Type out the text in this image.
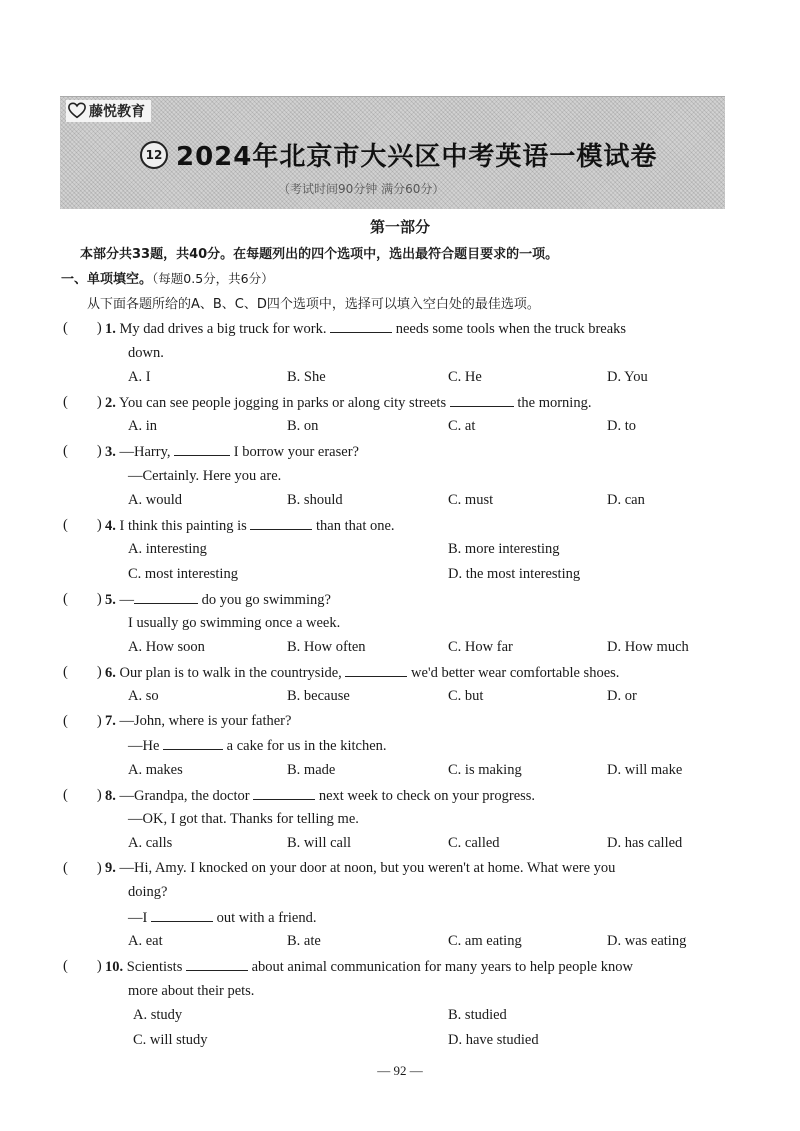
藤悦教育
12 2024年北京市大兴区中考英语一模试卷
（考试时间90分钟 满分60分）
第一部分
本部分共33题，共40分。在每题列出的四个选项中，选出最符合题目要求的一项。
一、单项填空。（每题0.5分，共6分）
从下面各题所给的A、B、C、D四个选项中，选择可以填入空白处的最佳选项。
(        ) 1. My dad drives a big truck for work.	needs some tools when the truck breaks
down.
A. I	B. She	C. He	D. You
(        ) 2. You can see people jogging in parks or along city streets	the morning.
A. in	B. on	C. at	D. to
(        ) 3. —Harry,	I borrow your eraser?
—Certainly. Here you are.
A. would	B. should	C. must	D. can
(        ) 4. I think this painting is	than that one.
A. interesting	B. more interesting
C. most interesting	D. the most interesting
(        ) 5. —	do you go swimming?
I usually go swimming once a week.
A. How soon	B. How often	C. How far	D. How much
(        ) 6. Our plan is to walk in the countryside,	we'd better wear comfortable shoes.
A. so	B. because	C. but	D. or
(        ) 7. —John, where is your father?
—He	a cake for us in the kitchen.
A. makes	B. made	C. is making	D. will make
(        ) 8. —Grandpa, the doctor	next week to check on your progress.
—OK, I got that. Thanks for telling me.
A. calls	B. will call	C. called	D. has called
(        ) 9. —Hi, Amy. I knocked on your door at noon, but you weren't at home. What were you
doing?
—I	out with a friend.
A. eat	B. ate	C. am eating	D. was eating
(        ) 10. Scientists	about animal communication for many years to help people know
more about their pets.
A. study	B. studied
C. will study	D. have studied
— 92 —
